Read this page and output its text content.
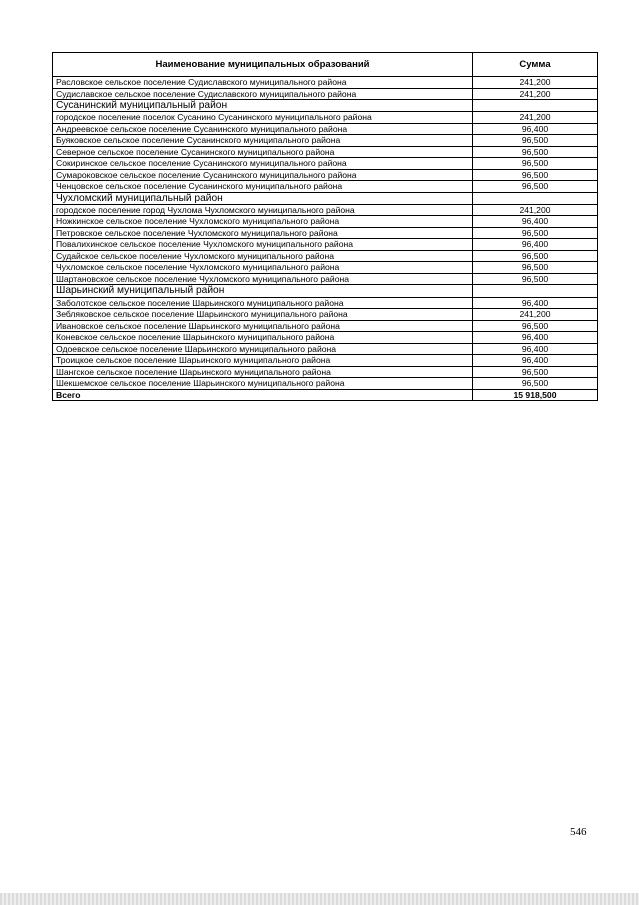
Наименование муниципальных образований	Сумма
Расловское сельское поселение Судиславского муниципального района	241,200
Судиславское сельское поселение Судиславского муниципального района	241,200
Сусанинский муниципальный район	
городское поселение поселок Сусанино Сусанинского муниципального района	241,200
Андреевское сельское поселение Сусанинского муниципального района	96,400
Буяковское сельское поселение Сусанинского муниципального района	96,500
Северное сельское поселение Сусанинского муниципального района	96,500
Сокиринское сельское поселение Сусанинского муниципального района	96,500
Сумароковское сельское поселение Сусанинского муниципального района	96,500
Ченцовское сельское поселение Сусанинского муниципального района	96,500
Чухломский муниципальный район	
городское поселение город Чухлома Чухломского муниципального района	241,200
Ножкинское сельское поселение Чухломского муниципального района	96,400
Петровское сельское поселение Чухломского муниципального района	96,500
Повалихинское сельское поселение Чухломского муниципального района	96,400
Судайское сельское поселение Чухломского муниципального района	96,500
Чухломское сельское поселение Чухломского муниципального района	96,500
Шартановское сельское поселение Чухломского муниципального района	96,500
Шарьинский муниципальный район	
Заболотское сельское поселение Шарьинского муниципального района	96,400
Зебляковское сельское поселение Шарьинского муниципального района	241,200
Ивановское сельское поселение Шарьинского муниципального района	96,500
Коневское сельское поселение Шарьинского муниципального района	96,400
Одоевское сельское поселение Шарьинского муниципального района	96,400
Троицкое сельское поселение Шарьинского муниципального района	96,400
Шангское сельское поселение Шарьинского муниципального района	96,500
Шекшемское сельское поселение Шарьинского муниципального района	96,500
Всего	15 918,500
546
